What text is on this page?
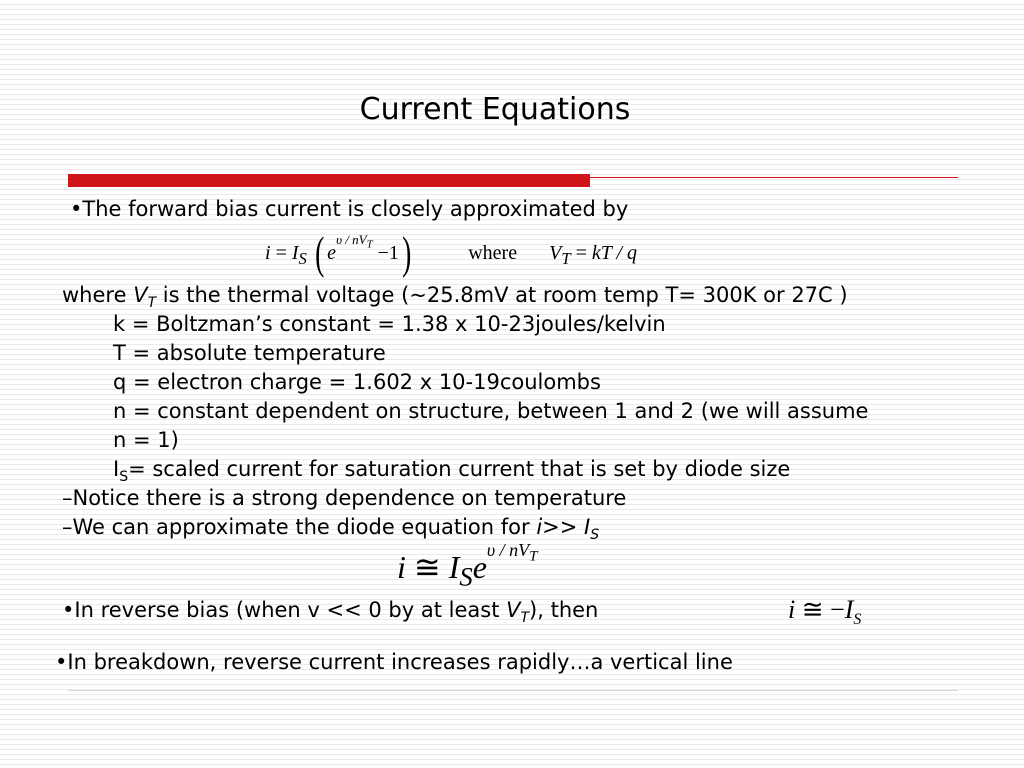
Current Equations
•The forward bias current is closely approximated by
$i = I_S$ ( $e^{\upsilon / nV_T} -1$)	where $V_T$ = kT / q
where $V_T$ is the thermal voltage (~25.8mV at room temp T= 300K or 27C )
k = Boltzman’s constant = 1.38 x 10-23joules/kelvin
T = absolute temperature
q = electron charge = 1.602 x 10-19coulombs
n = constant dependent on structure, between 1 and 2 (we will assume
n = 1)
$I_S=$ scaled current for saturation current that is set by diode size
–Notice there is a strong dependence on temperature
–We can approximate the diode equation for $i>> I_S$
i ≅ $I_Se^{\upsilon / nV_T}$
•In reverse bias (when v << 0 by at least $V_T$), then	i ≅ $-I_S$
•In breakdown, reverse current increases rapidly…a vertical line
